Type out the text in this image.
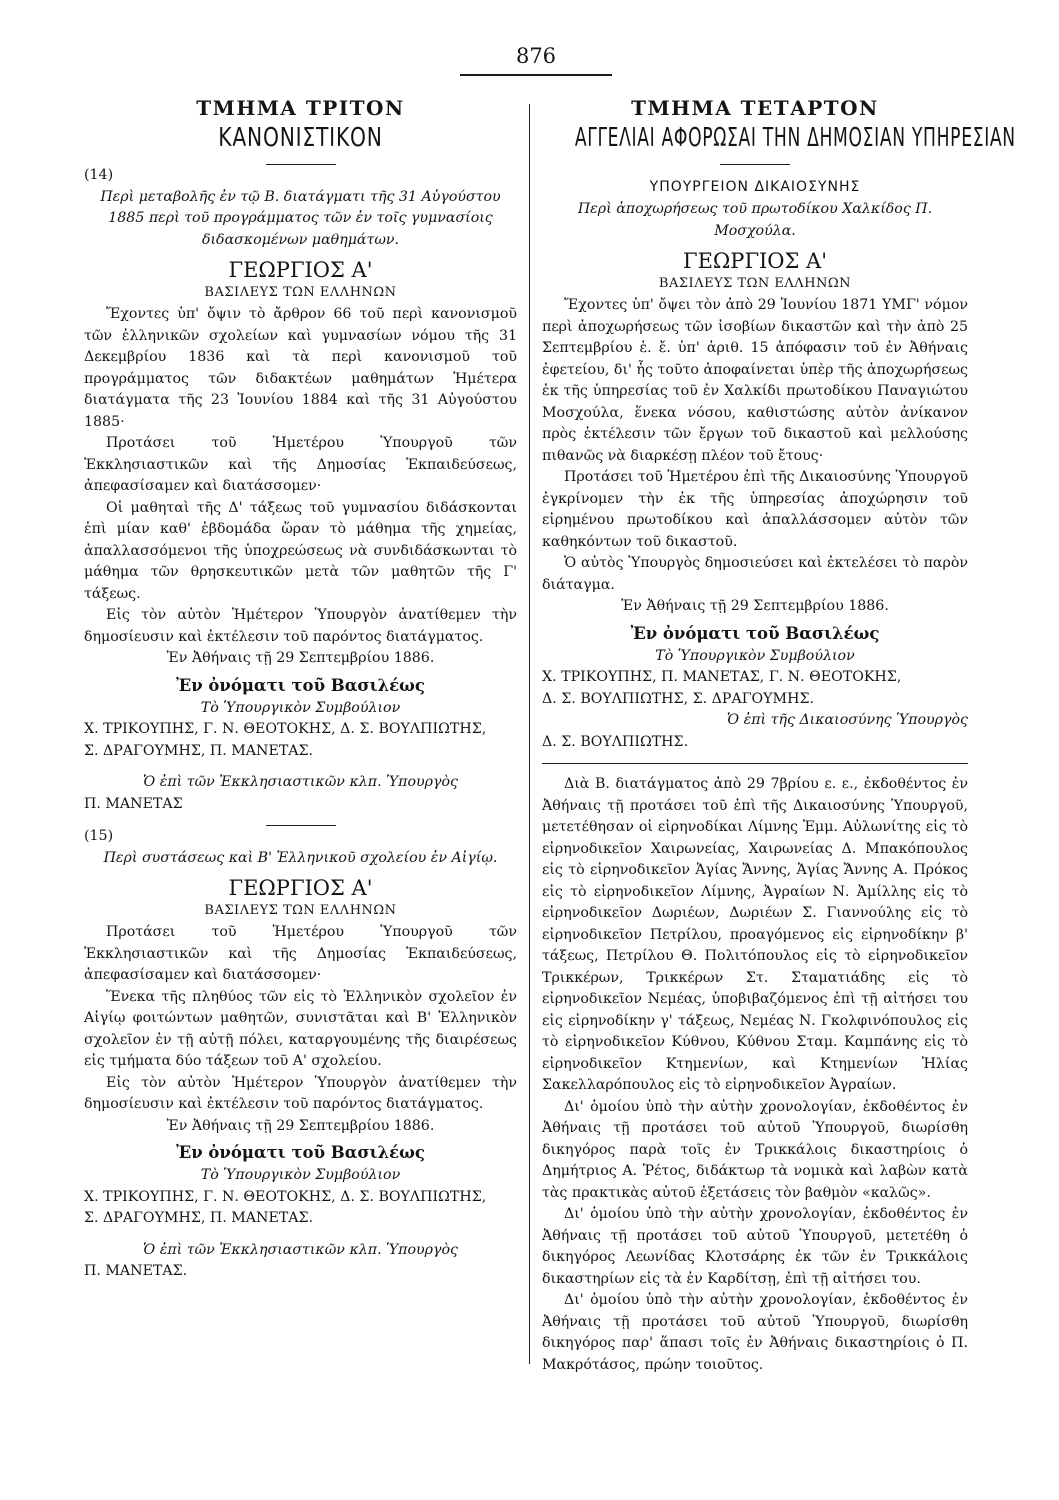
876
ΤΜΗΜΑ ΤΡΙΤΟΝ
ΚΑΝΟΝΙΣΤΙΚΟΝ

(14)

Περὶ μεταβολῆς ἐν τῷ Β. διατάγματι τῆς 31 Αὐγούστου 1885 περὶ τοῦ προγράμματος τῶν ἐν τοῖς γυμνασίοις διδασκομένων μαθημάτων.

ΓΕΩΡΓΙΟΣ Α'
ΒΑΣΙΛΕΥΣ ΤΩΝ ΕΛΛΗΝΩΝ

Ἔχοντες ὑπ' ὄψιν τὸ ἄρθρον 66 τοῦ περὶ κανονισμοῦ τῶν ἑλληνικῶν σχολείων καὶ γυμνασίων νόμου τῆς 31 Δεκεμβρίου 1836 καὶ τὰ περὶ κανονισμοῦ τοῦ προγράμματος τῶν διδακτέων μαθημάτων Ἡμέτερα διατάγματα τῆς 23 Ἰουνίου 1884 καὶ τῆς 31 Αὐγούστου 1885·

Προτάσει τοῦ Ἡμετέρου Ὑπουργοῦ τῶν Ἐκκλησιαστικῶν καὶ τῆς Δημοσίας Ἐκπαιδεύσεως, ἀπεφασίσαμεν καὶ διατάσσομεν·

Οἱ μαθηταὶ τῆς Δ' τάξεως τοῦ γυμνασίου διδάσκονται ἐπὶ μίαν καθ' ἑβδομάδα ὥραν τὸ μάθημα τῆς χημείας, ἀπαλλασσόμενοι τῆς ὑποχρεώσεως νὰ συνδιδάσκωνται τὸ μάθημα τῶν θρησκευτικῶν μετὰ τῶν μαθητῶν τῆς Γ' τάξεως.

Εἰς τὸν αὐτὸν Ἡμέτερον Ὑπουργὸν ἀνατίθεμεν τὴν δημοσίευσιν καὶ ἐκτέλεσιν τοῦ παρόντος διατάγματος.

Ἐν Ἀθήναις τῇ 29 Σεπτεμβρίου 1886.

Ἐν ὀνόματι τοῦ Βασιλέως

Τὸ Ὑπουργικὸν Συμβούλιον

Χ. ΤΡΙΚΟΥΠΗΣ, Γ. Ν. ΘΕΟΤΟΚΗΣ, Δ. Σ. ΒΟΥΛΠΙΩΤΗΣ,

Σ. ΔΡΑΓΟΥΜΗΣ, Π. ΜΑΝΕΤΑΣ.

Ὁ ἐπὶ τῶν Ἐκκλησιαστικῶν κλπ. Ὑπουργὸς

Π. ΜΑΝΕΤΑΣ

(15)

Περὶ συστάσεως καὶ Β' Ἑλληνικοῦ σχολείου ἐν Αἰγίῳ.

ΓΕΩΡΓΙΟΣ Α'
ΒΑΣΙΛΕΥΣ ΤΩΝ ΕΛΛΗΝΩΝ

Προτάσει τοῦ Ἡμετέρου Ὑπουργοῦ τῶν Ἐκκλησιαστικῶν καὶ τῆς Δημοσίας Ἐκπαιδεύσεως, ἀπεφασίσαμεν καὶ διατάσσομεν·

Ἕνεκα τῆς πληθύος τῶν εἰς τὸ Ἑλληνικὸν σχολεῖον ἐν Αἰγίῳ φοιτώντων μαθητῶν, συνιστᾶται καὶ Β' Ἑλληνικὸν σχολεῖον ἐν τῇ αὐτῇ πόλει, καταργουμένης τῆς διαιρέσεως εἰς τμήματα δύο τάξεων τοῦ Α' σχολείου.

Εἰς τὸν αὐτὸν Ἡμέτερον Ὑπουργὸν ἀνατίθεμεν τὴν δημοσίευσιν καὶ ἐκτέλεσιν τοῦ παρόντος διατάγματος.

Ἐν Ἀθήναις τῇ 29 Σεπτεμβρίου 1886.

Ἐν ὀνόματι τοῦ Βασιλέως

Τὸ Ὑπουργικὸν Συμβούλιον

Χ. ΤΡΙΚΟΥΠΗΣ, Γ. Ν. ΘΕΟΤΟΚΗΣ, Δ. Σ. ΒΟΥΛΠΙΩΤΗΣ,

Σ. ΔΡΑΓΟΥΜΗΣ, Π. ΜΑΝΕΤΑΣ.

Ὁ ἐπὶ τῶν Ἐκκλησιαστικῶν κλπ. Ὑπουργὸς

Π. ΜΑΝΕΤΑΣ.

ΤΜΗΜΑ ΤΕΤΑΡΤΟΝ
ΑΓΓΕΛΙΑΙ ΑΦΟΡΩΣΑΙ ΤΗΝ ΔΗΜΟΣΙΑΝ ΥΠΗΡΕΣΙΑΝ
ΥΠΟΥΡΓΕΙΟΝ ΔΙΚΑΙΟΣΥΝΗΣ

Περὶ ἀποχωρήσεως τοῦ πρωτοδίκου Χαλκίδος Π. Μοσχούλα.

ΓΕΩΡΓΙΟΣ Α'
ΒΑΣΙΛΕΥΣ ΤΩΝ ΕΛΛΗΝΩΝ

Ἔχοντες ὑπ' ὄψει τὸν ἀπὸ 29 Ἰουνίου 1871 ΥΜΓ' νόμον περὶ ἀποχωρήσεως τῶν ἰσοβίων δικαστῶν καὶ τὴν ἀπὸ 25 Σεπτεμβρίου ἑ. ἔ. ὑπ' ἀριθ. 15 ἀπόφασιν τοῦ ἐν Ἀθήναις ἐφετείου, δι' ἧς τοῦτο ἀποφαίνεται ὑπὲρ τῆς ἀποχωρήσεως ἐκ τῆς ὑπηρεσίας τοῦ ἐν Χαλκίδι πρωτοδίκου Παναγιώτου Μοσχούλα, ἕνεκα νόσου, καθιστώσης αὐτὸν ἀνίκανον πρὸς ἐκτέλεσιν τῶν ἔργων τοῦ δικαστοῦ καὶ μελλούσης πιθανῶς νὰ διαρκέσῃ πλέον τοῦ ἔτους·

Προτάσει τοῦ Ἡμετέρου ἐπὶ τῆς Δικαιοσύνης Ὑπουργοῦ ἐγκρίνομεν τὴν ἐκ τῆς ὑπηρεσίας ἀποχώρησιν τοῦ εἰρημένου πρωτοδίκου καὶ ἀπαλλάσσομεν αὐτὸν τῶν καθηκόντων τοῦ δικαστοῦ.

Ὁ αὐτὸς Ὑπουργὸς δημοσιεύσει καὶ ἐκτελέσει τὸ παρὸν διάταγμα.

Ἐν Ἀθήναις τῇ 29 Σεπτεμβρίου 1886.

Ἐν ὀνόματι τοῦ Βασιλέως

Τὸ Ὑπουργικὸν Συμβούλιον

Χ. ΤΡΙΚΟΥΠΗΣ, Π. ΜΑΝΕΤΑΣ, Γ. Ν. ΘΕΟΤΟΚΗΣ,

Δ. Σ. ΒΟΥΛΠΙΩΤΗΣ, Σ. ΔΡΑΓΟΥΜΗΣ.

Ὁ ἐπὶ τῆς Δικαιοσύνης Ὑπουργὸς

Δ. Σ. ΒΟΥΛΠΙΩΤΗΣ.

Διὰ Β. διατάγματος ἀπὸ 29 7βρίου ε. ε., ἐκδοθέντος ἐν Ἀθήναις τῇ προτάσει τοῦ ἐπὶ τῆς Δικαιοσύνης Ὑπουργοῦ, μετετέθησαν οἱ εἰρηνοδίκαι Λίμνης Ἐμμ. Αὐλωνίτης εἰς τὸ εἰρηνοδικεῖον Χαιρωνείας, Χαιρωνείας Δ. Μπακόπουλος εἰς τὸ εἰρηνοδικεῖον Ἁγίας Ἄννης, Ἁγίας Ἄννης Α. Πρόκος εἰς τὸ εἰρηνοδικεῖον Λίμνης, Ἀγραίων Ν. Ἀμίλλης εἰς τὸ εἰρηνοδικεῖον Δωριέων, Δωριέων Σ. Γιαννούλης εἰς τὸ εἰρηνοδικεῖον Πετρίλου, προαγόμενος εἰς εἰρηνοδίκην β' τάξεως, Πετρίλου Θ. Πολιτόπουλος εἰς τὸ εἰρηνοδικεῖον Τρικκέρων, Τρικκέρων Στ. Σταματιάδης εἰς τὸ εἰρηνοδικεῖον Νεμέας, ὑποβιβαζόμενος ἐπὶ τῇ αἰτήσει του εἰς εἰρηνοδίκην γ' τάξεως, Νεμέας Ν. Γκολφινόπουλος εἰς τὸ εἰρηνοδικεῖον Κύθνου, Κύθνου Σταμ. Καμπάνης εἰς τὸ εἰρηνοδικεῖον Κτημενίων, καὶ Κτημενίων Ἠλίας Σακελλαρόπουλος εἰς τὸ εἰρηνοδικεῖον Ἀγραίων.

Δι' ὁμοίου ὑπὸ τὴν αὐτὴν χρονολογίαν, ἐκδοθέντος ἐν Ἀθήναις τῇ προτάσει τοῦ αὐτοῦ Ὑπουργοῦ, διωρίσθη δικηγόρος παρὰ τοῖς ἐν Τρικκάλοις δικαστηρίοις ὁ Δημήτριος Α. Ῥέτος, διδάκτωρ τὰ νομικὰ καὶ λαβὼν κατὰ τὰς πρακτικὰς αὐτοῦ ἐξετάσεις τὸν βαθμὸν «καλῶς».

Δι' ὁμοίου ὑπὸ τὴν αὐτὴν χρονολογίαν, ἐκδοθέντος ἐν Ἀθήναις τῇ προτάσει τοῦ αὐτοῦ Ὑπουργοῦ, μετετέθη ὁ δικηγόρος Λεωνίδας Κλοτσάρης ἐκ τῶν ἐν Τρικκάλοις δικαστηρίων εἰς τὰ ἐν Καρδίτσῃ, ἐπὶ τῇ αἰτήσει του.

Δι' ὁμοίου ὑπὸ τὴν αὐτὴν χρονολογίαν, ἐκδοθέντος ἐν Ἀθήναις τῇ προτάσει τοῦ αὐτοῦ Ὑπουργοῦ, διωρίσθη δικηγόρος παρ' ἅπασι τοῖς ἐν Ἀθήναις δικαστηρίοις ὁ Π. Μακρότάσος, πρώην τοιοῦτος.
